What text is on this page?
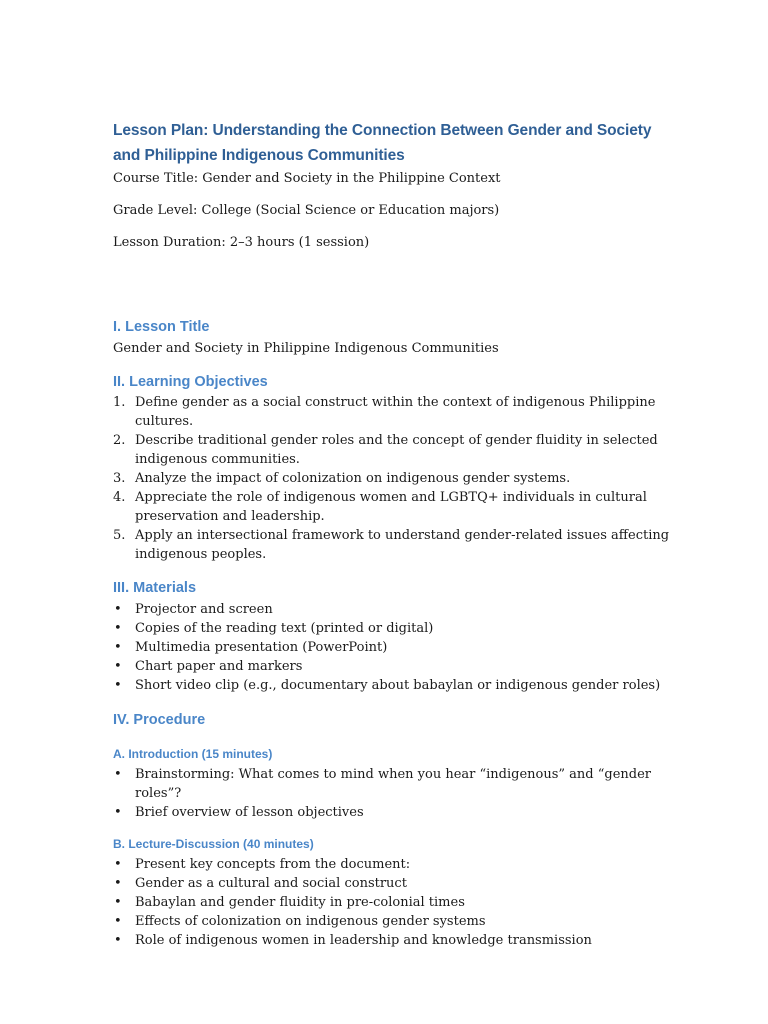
Lesson Plan: Understanding the Connection Between Gender and Society
and Philippine Indigenous Communities

Course Title: Gender and Society in the Philippine Context

Grade Level: College (Social Science or Education majors)

Lesson Duration: 2–3 hours (1 session)

I. Lesson Title

Gender and Society in Philippine Indigenous Communities

II. Learning Objectives
1. Define gender as a social construct within the context of indigenous Philippine cultures.
2. Describe traditional gender roles and the concept of gender fluidity in selected
indigenous communities.
3. Analyze the impact of colonization on indigenous gender systems.
4. Appreciate the role of indigenous women and LGBTQ+ individuals in cultural
preservation and leadership.
5. Apply an intersectional framework to understand gender-related issues affecting
indigenous peoples.
III. Materials
• Projector and screen
• Copies of the reading text (printed or digital)
• Multimedia presentation (PowerPoint)
• Chart paper and markers
• Short video clip (e.g., documentary about babaylan or indigenous gender roles)
IV. Procedure
A. Introduction (15 minutes)
• Brainstorming: What comes to mind when you hear “indigenous” and “gender roles”?
• Brief overview of lesson objectives
B. Lecture-Discussion (40 minutes)
• Present key concepts from the document:
• Gender as a cultural and social construct
• Babaylan and gender fluidity in pre-colonial times
• Effects of colonization on indigenous gender systems
• Role of indigenous women in leadership and knowledge transmission
